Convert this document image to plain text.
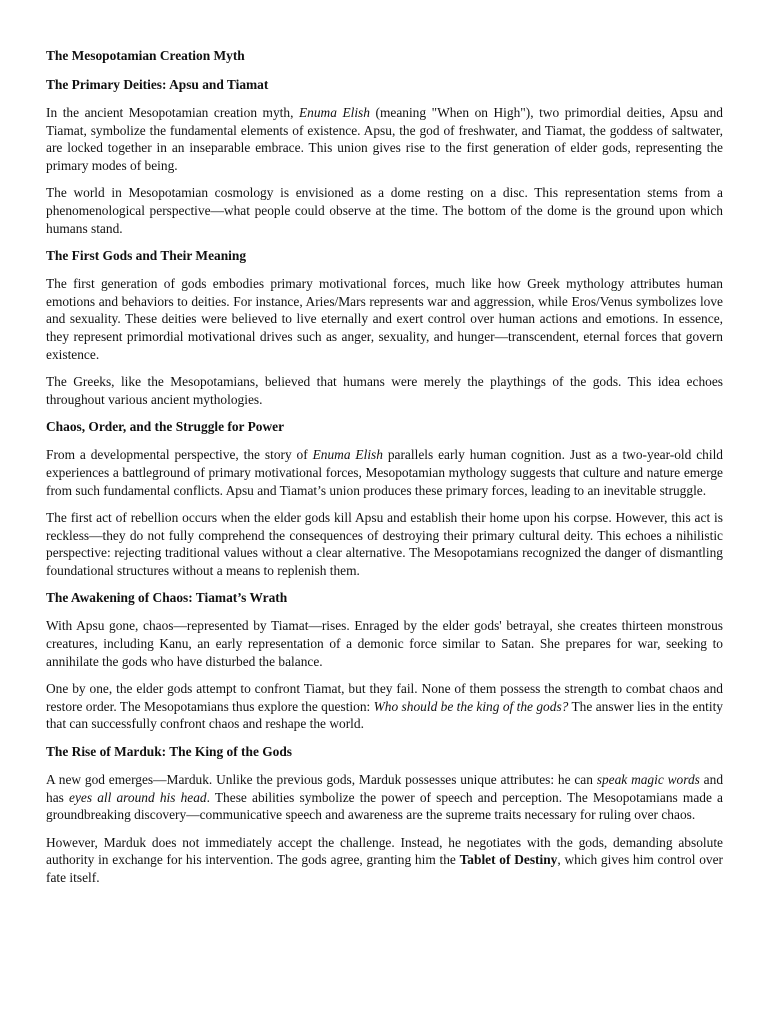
The Mesopotamian Creation Myth
The Primary Deities: Apsu and Tiamat

In the ancient Mesopotamian creation myth, Enuma Elish (meaning "When on High"), two primordial deities, Apsu and Tiamat, symbolize the fundamental elements of existence. Apsu, the god of freshwater, and Tiamat, the goddess of saltwater, are locked together in an inseparable embrace. This union gives rise to the first generation of elder gods, representing the primary modes of being.

The world in Mesopotamian cosmology is envisioned as a dome resting on a disc. This representation stems from a phenomenological perspective—what people could observe at the time. The bottom of the dome is the ground upon which humans stand.

The First Gods and Their Meaning

The first generation of gods embodies primary motivational forces, much like how Greek mythology attributes human emotions and behaviors to deities. For instance, Aries/Mars represents war and aggression, while Eros/Venus symbolizes love and sexuality. These deities were believed to live eternally and exert control over human actions and emotions. In essence, they represent primordial motivational drives such as anger, sexuality, and hunger—transcendent, eternal forces that govern existence.

The Greeks, like the Mesopotamians, believed that humans were merely the playthings of the gods. This idea echoes throughout various ancient mythologies.

Chaos, Order, and the Struggle for Power

From a developmental perspective, the story of Enuma Elish parallels early human cognition. Just as a two-year-old child experiences a battleground of primary motivational forces, Mesopotamian mythology suggests that culture and nature emerge from such fundamental conflicts. Apsu and Tiamat’s union produces these primary forces, leading to an inevitable struggle.

The first act of rebellion occurs when the elder gods kill Apsu and establish their home upon his corpse. However, this act is reckless—they do not fully comprehend the consequences of destroying their primary cultural deity. This echoes a nihilistic perspective: rejecting traditional values without a clear alternative. The Mesopotamians recognized the danger of dismantling foundational structures without a means to replenish them.

The Awakening of Chaos: Tiamat’s Wrath

With Apsu gone, chaos—represented by Tiamat—rises. Enraged by the elder gods' betrayal, she creates thirteen monstrous creatures, including Kanu, an early representation of a demonic force similar to Satan. She prepares for war, seeking to annihilate the gods who have disturbed the balance.

One by one, the elder gods attempt to confront Tiamat, but they fail. None of them possess the strength to combat chaos and restore order. The Mesopotamians thus explore the question: Who should be the king of the gods? The answer lies in the entity that can successfully confront chaos and reshape the world.

The Rise of Marduk: The King of the Gods

A new god emerges—Marduk. Unlike the previous gods, Marduk possesses unique attributes: he can speak magic words and has eyes all around his head. These abilities symbolize the power of speech and perception. The Mesopotamians made a groundbreaking discovery—communicative speech and awareness are the supreme traits necessary for ruling over chaos.

However, Marduk does not immediately accept the challenge. Instead, he negotiates with the gods, demanding absolute authority in exchange for his intervention. The gods agree, granting him the Tablet of Destiny, which gives him control over fate itself.
